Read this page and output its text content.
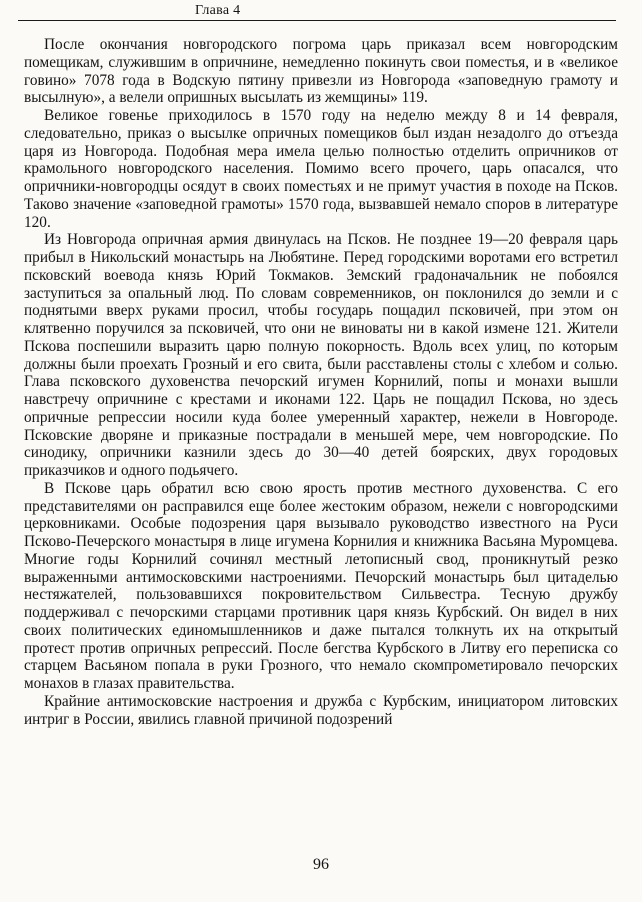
Глава 4

После окончания новгородского погрома царь приказал всем новгородским помещикам, служившим в опричнине, немедленно покинуть свои поместья, и в «великое говино» 7078 года в Водскую пятину привезли из Новгорода «заповедную грамоту и высылную», а велели опришных высылать из жемщины» 119.

Великое говенье приходилось в 1570 году на неделю между 8 и 14 февраля, следовательно, приказ о высылке опричных помещиков был издан незадолго до отъезда царя из Новгорода. Подобная мера имела целью полностью отделить опричников от крамольного новгородского населения. Помимо всего прочего, царь опасался, что опричники-новгородцы осядут в своих поместьях и не примут участия в походе на Псков. Таково значение «заповедной грамоты» 1570 года, вызвавшей немало споров в литературе 120.

Из Новгорода опричная армия двинулась на Псков. Не позднее 19—20 февраля царь прибыл в Никольский монастырь на Любятине. Перед городскими воротами его встретил псковский воевода князь Юрий Токмаков. Земский градоначальник не побоялся заступиться за опальный люд. По словам современников, он поклонился до земли и с поднятыми вверх руками просил, чтобы государь пощадил псковичей, при этом он клятвенно поручился за псковичей, что они не виноваты ни в какой измене 121. Жители Пскова поспешили выразить царю полную покорность. Вдоль всех улиц, по которым должны были проехать Грозный и его свита, были расставлены столы с хлебом и солью. Глава псковского духовенства печорский игумен Корнилий, попы и монахи вышли навстречу опричнине с крестами и иконами 122. Царь не пощадил Пскова, но здесь опричные репрессии носили куда более умеренный характер, нежели в Новгороде. Псковские дворяне и приказные пострадали в меньшей мере, чем новгородские. По синодику, опричники казнили здесь до 30—40 детей боярских, двух городовых приказчиков и одного подьячего.

В Пскове царь обратил всю свою ярость против местного духовенства. С его представителями он расправился еще более жестоким образом, нежели с новгородскими церковниками. Особые подозрения царя вызывало руководство известного на Руси Псково-Печерского монастыря в лице игумена Корнилия и книжника Васьяна Муромцева. Многие годы Корнилий сочинял местный летописный свод, проникнутый резко выраженными антимосковскими настроениями. Печорский монастырь был цитаделью нестяжателей, пользовавшихся покровительством Сильвестра. Тесную дружбу поддерживал с печорскими старцами противник царя князь Курбский. Он видел в них своих политических единомышленников и даже пытался толкнуть их на открытый протест против опричных репрессий. После бегства Курбского в Литву его переписка со старцем Васьяном попала в руки Грозного, что немало скомпрометировало печорских монахов в глазах правительства.

Крайние антимосковские настроения и дружба с Курбским, инициатором литовских интриг в России, явились главной причиной подозрений

96
